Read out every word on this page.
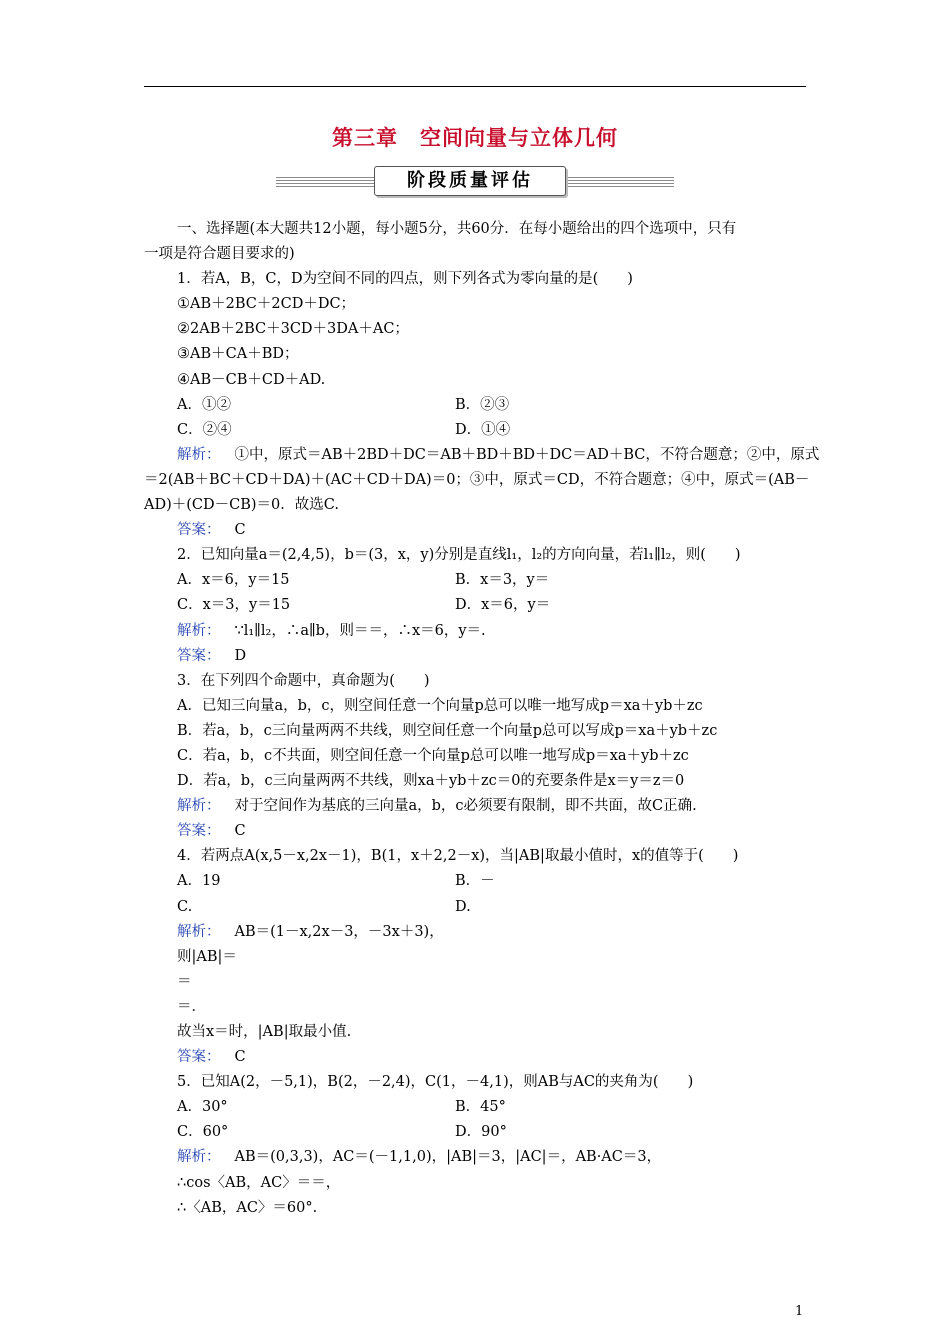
第三章　空间向量与立体几何
阶段质量评估
一、选择题(本大题共12小题，每小题5分，共60分．在每小题给出的四个选项中，只有
一项是符合题目要求的)
1．若A，B，C，D为空间不同的四点，则下列各式为零向量的是(　　)
①AB＋2BC＋2CD＋DC；
②2AB＋2BC＋3CD＋3DA＋AC；
③AB＋CA＋BD；
④AB－CB＋CD＋AD.
A．①②	B．②③
C．②④	D．①④
解析： ①中，原式＝AB＋2BD＋DC＝AB＋BD＋BD＋DC＝AD＋BC，不符合题意；②中，原式
＝2(AB＋BC＋CD＋DA)＋(AC＋CD＋DA)＝0；③中，原式＝CD，不符合题意；④中，原式＝(AB－
AD)＋(CD－CB)＝0．故选C.
答案： C
2．已知向量a＝(2,4,5)，b＝(3，x，y)分别是直线l₁，l₂的方向向量，若l₁∥l₂，则(　　)
A．x＝6，y＝15	B．x＝3，y＝
C．x＝3，y＝15	D．x＝6，y＝
解析： ∵l₁∥l₂，∴a∥b，则＝＝，∴x＝6，y＝.
答案： D
3．在下列四个命题中，真命题为(　　)
A．已知三向量a，b，c，则空间任意一个向量p总可以唯一地写成p＝xa＋yb＋zc
B．若a，b，c三向量两两不共线，则空间任意一个向量p总可以写成p＝xa＋yb＋zc
C．若a，b，c不共面，则空间任意一个向量p总可以唯一地写成p＝xa＋yb＋zc
D．若a，b，c三向量两两不共线，则xa＋yb＋zc＝0的充要条件是x＝y＝z＝0
解析： 对于空间作为基底的三向量a，b，c必须要有限制，即不共面，故C正确.
答案： C
4．若两点A(x,5－x,2x－1)，B(1，x＋2,2－x)，当|AB|取最小值时，x的值等于(　　)
A．19	B．－
C.	D.
解析： AB＝(1－x,2x－3，－3x＋3)，
则|AB|＝
＝
＝．
故当x＝时，|AB|取最小值.
答案： C
5．已知A(2，－5,1)，B(2，－2,4)，C(1，－4,1)，则AB与AC的夹角为(　　)
A．30°	B．45°
C．60°	D．90°
解析： AB＝(0,3,3)，AC＝(－1,1,0)，|AB|＝3，|AC|＝，AB·AC＝3，
∴cos〈AB，AC〉＝＝，
∴〈AB，AC〉＝60°.
1
